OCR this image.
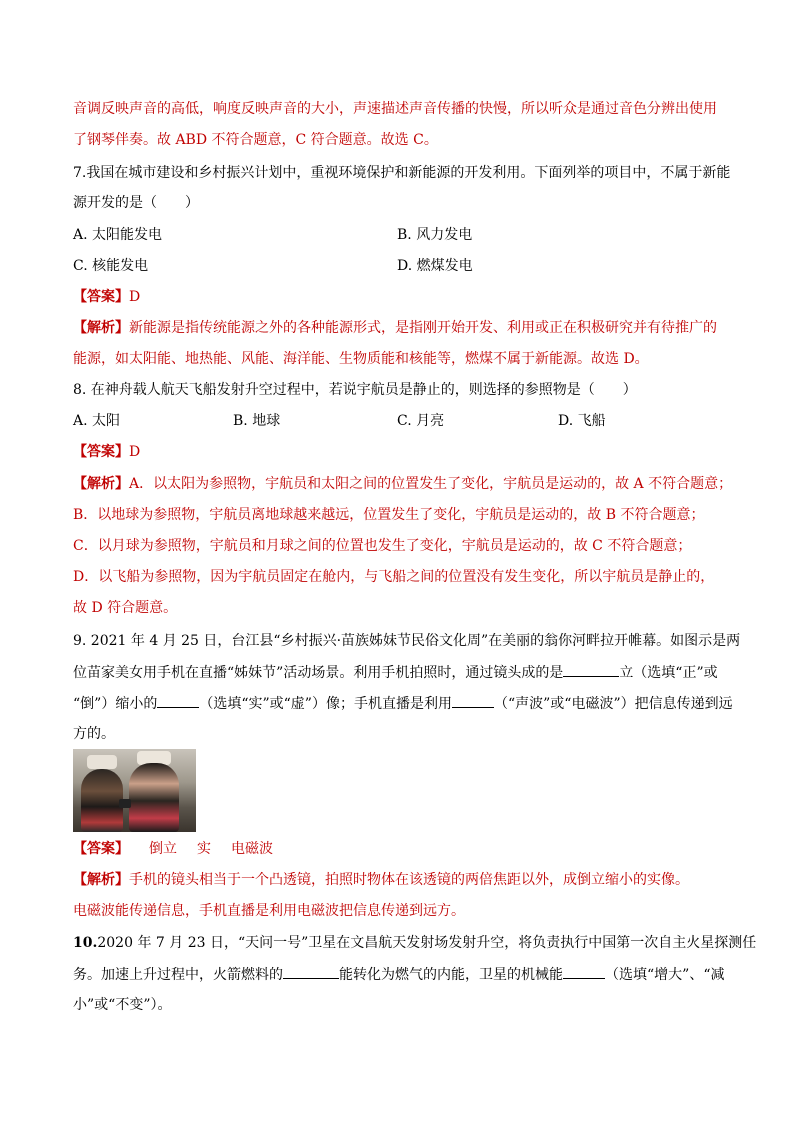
音调反映声音的高低，响度反映声音的大小，声速描述声音传播的快慢，所以听众是通过音色分辨出使用
了钢琴伴奏。故 ABD 不符合题意，C 符合题意。故选 C。
7.我国在城市建设和乡村振兴计划中，重视环境保护和新能源的开发利用。下面列举的项目中，不属于新能
源开发的是（　　）
A. 太阳能发电	B. 风力发电
C. 核能发电	D. 燃煤发电
【答案】D
【解析】新能源是指传统能源之外的各种能源形式，是指刚开始开发、利用或正在积极研究并有待推广的
能源，如太阳能、地热能、风能、海洋能、生物质能和核能等，燃煤不属于新能源。故选 D。
8. 在神舟载人航天飞船发射升空过程中，若说宇航员是静止的，则选择的参照物是（　　）
A. 太阳	B. 地球	C. 月亮	D. 飞船
【答案】D
【解析】A．以太阳为参照物，宇航员和太阳之间的位置发生了变化，宇航员是运动的，故 A 不符合题意；
B．以地球为参照物，宇航员离地球越来越远，位置发生了变化，宇航员是运动的，故 B 不符合题意；
C．以月球为参照物，宇航员和月球之间的位置也发生了变化，宇航员是运动的，故 C 不符合题意；
D．以飞船为参照物，因为宇航员固定在舱内，与飞船之间的位置没有发生变化，所以宇航员是静止的，
故 D 符合题意。
9. 2021 年 4 月 25 日，台江县“乡村振兴·苗族姊妹节民俗文化周”在美丽的翁你河畔拉开帷幕。如图示是两
位苗家美女用手机在直播“姊妹节”活动场景。利用手机拍照时，通过镜头成的是	立（选填“正”或
“倒”）缩小的	（选填“实”或“虚”）像；手机直播是利用	（“声波”或“电磁波”）把信息传递到远
方的。
【答案】 倒立 实 电磁波
【解析】手机的镜头相当于一个凸透镜，拍照时物体在该透镜的两倍焦距以外，成倒立缩小的实像。
电磁波能传递信息，手机直播是利用电磁波把信息传递到远方。
10.2020 年 7 月 23 日，“天问一号”卫星在文昌航天发射场发射升空，将负责执行中国第一次自主火星探测任
务。加速上升过程中，火箭燃料的	能转化为燃气的内能，卫星的机械能	（选填“增大”、“减
小”或“不变”）。
